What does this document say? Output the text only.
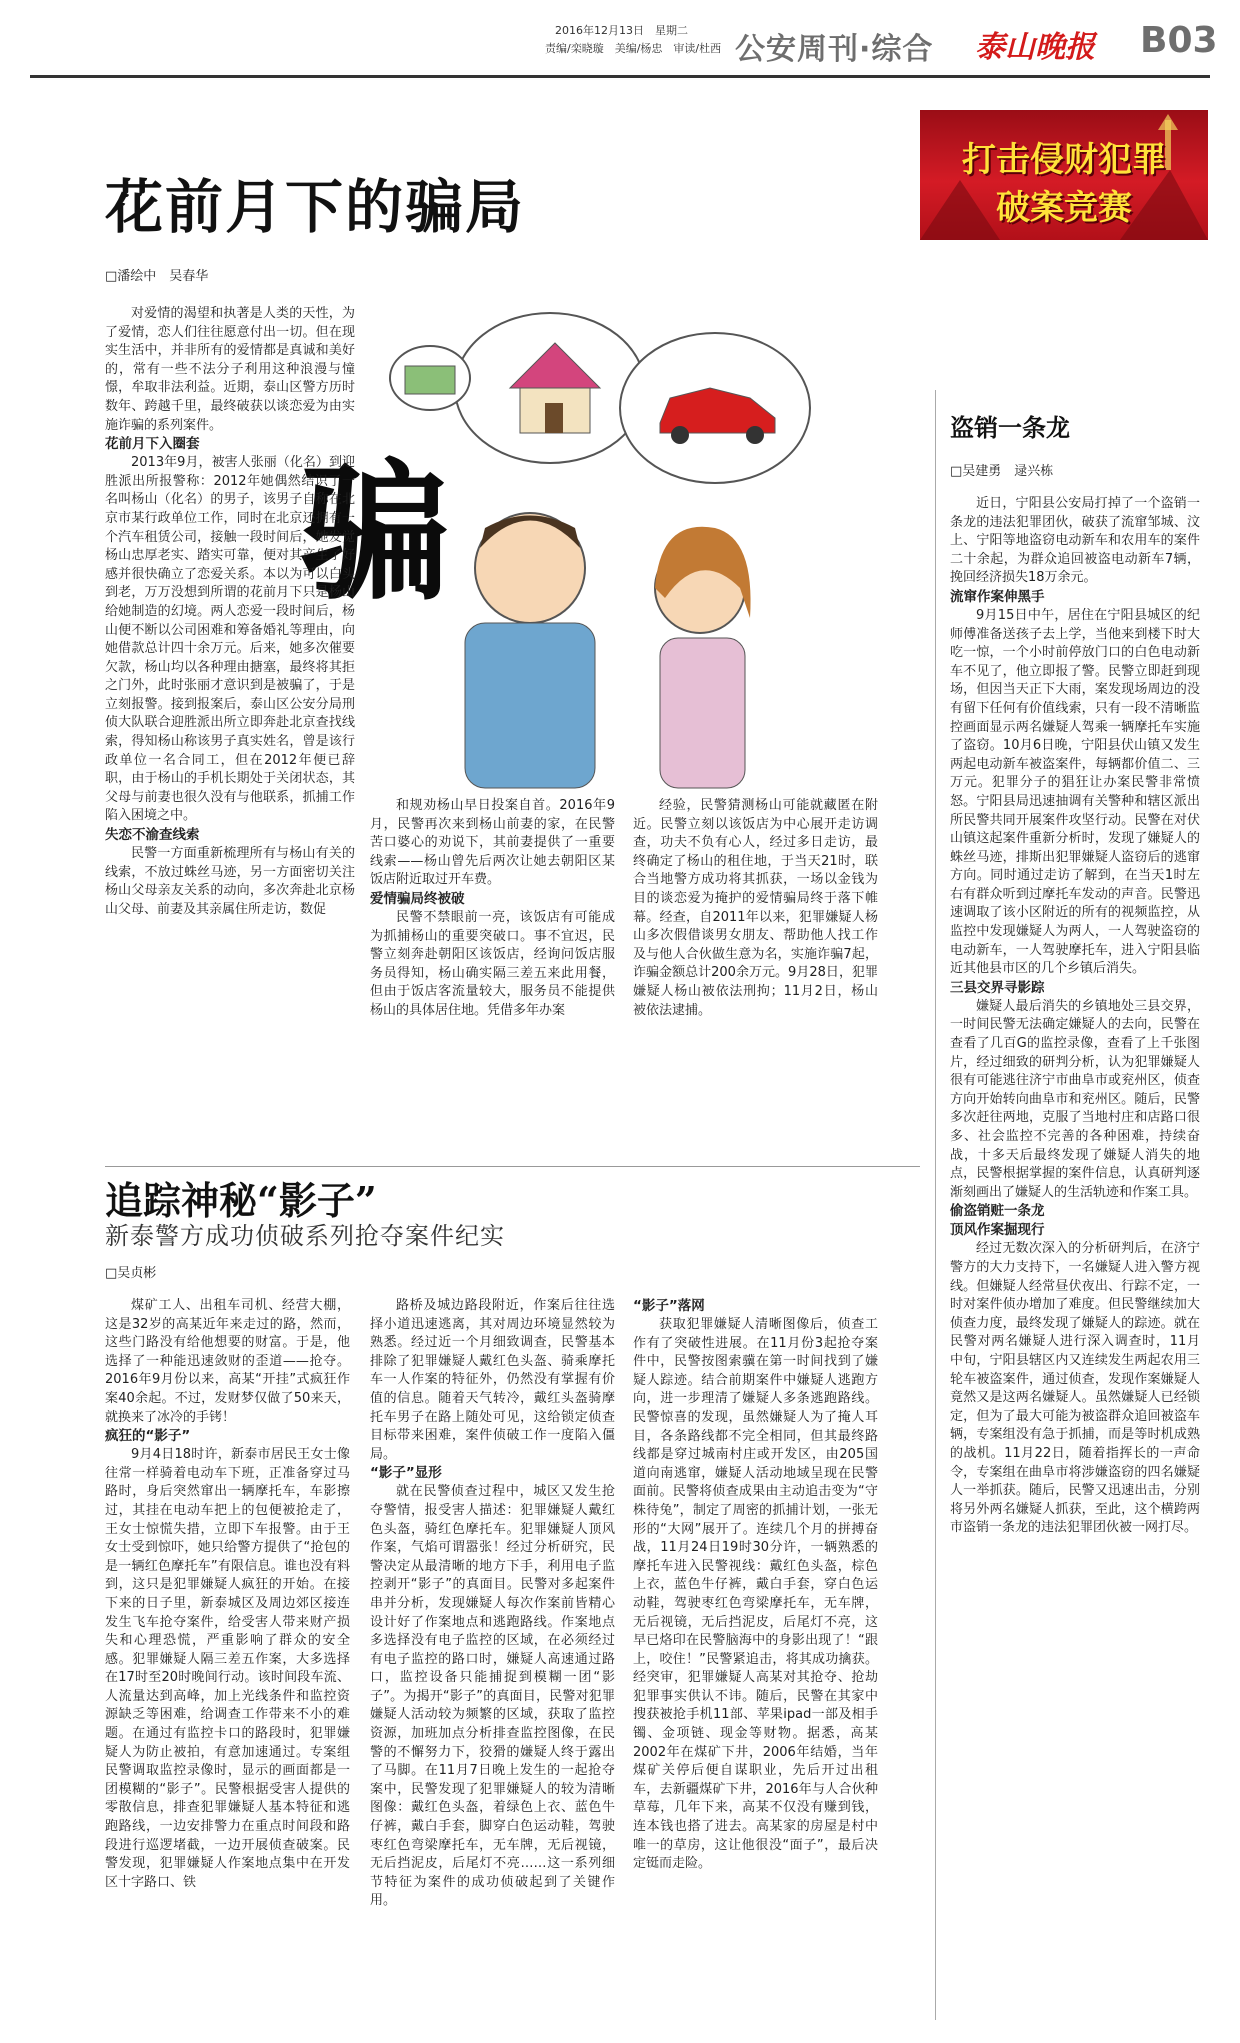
2016年12月13日　星期二
责编/栾晓璇　美编/杨忠　审读/杜西 公安周刊·综合 泰山晚报 B03
打击侵财犯罪
破案竞赛
花前月下的骗局
□潘绘中　吴春华
骗

对爱情的渴望和执著是人类的天性，为了爱情，恋人们往往愿意付出一切。但在现实生活中，并非所有的爱情都是真诚和美好的，常有一些不法分子利用这种浪漫与憧憬，牟取非法利益。近期，泰山区警方历时数年、跨越千里，最终破获以谈恋爱为由实施诈骗的系列案件。

花前月下入圈套

2013年9月，被害人张丽（化名）到迎胜派出所报警称：2012年她偶然结识了一名叫杨山（化名）的男子，该男子自称在北京市某行政单位工作，同时在北京还拥有一个汽车租赁公司，接触一段时间后，她发觉杨山忠厚老实、踏实可靠，便对其产生了好感并很快确立了恋爱关系。本以为可以白头到老，万万没想到所谓的花前月下只是杨山给她制造的幻境。两人恋爱一段时间后，杨山便不断以公司困难和筹备婚礼等理由，向她借款总计四十余万元。后来，她多次催要欠款，杨山均以各种理由搪塞，最终将其拒之门外，此时张丽才意识到是被骗了，于是立刻报警。接到报案后，泰山区公安分局刑侦大队联合迎胜派出所立即奔赴北京查找线索，得知杨山称该男子真实姓名，曾是该行政单位一名合同工，但在2012年便已辞职，由于杨山的手机长期处于关闭状态，其父母与前妻也很久没有与他联系，抓捕工作陷入困境之中。

失恋不渝查线索

民警一方面重新梳理所有与杨山有关的线索，不放过蛛丝马迹，另一方面密切关注杨山父母亲友关系的动向，多次奔赴北京杨山父母、前妻及其亲属住所走访，数促

和规劝杨山早日投案自首。2016年9月，民警再次来到杨山前妻的家，在民警苦口婆心的劝说下，其前妻提供了一重要线索——杨山曾先后两次让她去朝阳区某饭店附近取过开车费。

爱情骗局终被破

民警不禁眼前一亮，该饭店有可能成为抓捕杨山的重要突破口。事不宜迟，民警立刻奔赴朝阳区该饭店，经询问饭店服务员得知，杨山确实隔三差五来此用餐，但由于饭店客流量较大，服务员不能提供杨山的具体居住地。凭借多年办案

经验，民警猜测杨山可能就藏匿在附近。民警立刻以该饭店为中心展开走访调查，功夫不负有心人，经过多日走访，最终确定了杨山的租住地，于当天21时，联合当地警方成功将其抓获，一场以金钱为目的谈恋爱为掩护的爱情骗局终于落下帷幕。经查，自2011年以来，犯罪嫌疑人杨山多次假借谈男女朋友、帮助他人找工作及与他人合伙做生意为名，实施诈骗7起，诈骗金额总计200余万元。9月28日，犯罪嫌疑人杨山被依法刑拘；11月2日，杨山被依法逮捕。

追踪神秘“影子”
新泰警方成功侦破系列抢夺案件纪实
□吴贞彬

煤矿工人、出租车司机、经营大棚，这是32岁的高某近年来走过的路，然而，这些门路没有给他想要的财富。于是，他选择了一种能迅速敛财的歪道——抢夺。2016年9月份以来，高某“开挂”式疯狂作案40余起。不过，发财梦仅做了50来天，就换来了冰冷的手铐！

疯狂的“影子”

9月4日18时许，新泰市居民王女士像往常一样骑着电动车下班，正准备穿过马路时，身后突然窜出一辆摩托车，车影擦过，其挂在电动车把上的包便被抢走了，王女士惊慌失措，立即下车报警。由于王女士受到惊吓，她只给警方提供了“抢包的是一辆红色摩托车”有限信息。谁也没有料到，这只是犯罪嫌疑人疯狂的开始。在接下来的日子里，新泰城区及周边郊区接连发生飞车抢夺案件，给受害人带来财产损失和心理恐慌，严重影响了群众的安全感。犯罪嫌疑人隔三差五作案，大多选择在17时至20时晚间行动。该时间段车流、人流量达到高峰，加上光线条件和监控资源缺乏等困难，给调查工作带来不小的难题。在通过有监控卡口的路段时，犯罪嫌疑人为防止被拍，有意加速通过。专案组民警调取监控录像时，显示的画面都是一团模糊的“影子”。民警根据受害人提供的零散信息，排查犯罪嫌疑人基本特征和逃跑路线，一边安排警力在重点时间段和路段进行巡逻堵截，一边开展侦查破案。民警发现，犯罪嫌疑人作案地点集中在开发区十字路口、铁

路桥及城边路段附近，作案后往往选择小道迅速逃离，其对周边环境显然较为熟悉。经过近一个月细致调查，民警基本排除了犯罪嫌疑人戴红色头盔、骑乘摩托车一人作案的特征外，仍然没有掌握有价值的信息。随着天气转冷，戴红头盔骑摩托车男子在路上随处可见，这给锁定侦查目标带来困难，案件侦破工作一度陷入僵局。

“影子”显形

就在民警侦查过程中，城区又发生抢夺警情，报受害人描述：犯罪嫌疑人戴红色头盔，骑红色摩托车。犯罪嫌疑人顶风作案，气焰可谓嚣张！经过分析研究，民警决定从最清晰的地方下手，利用电子监控剥开“影子”的真面目。民警对多起案件串并分析，发现嫌疑人每次作案前皆精心设计好了作案地点和逃跑路线。作案地点多选择没有电子监控的区域，在必须经过有电子监控的路口时，嫌疑人高速通过路口，监控设备只能捕捉到模糊一团“影子”。为揭开“影子”的真面目，民警对犯罪嫌疑人活动较为频繁的区域，获取了监控资源，加班加点分析排查监控图像，在民警的不懈努力下，狡猾的嫌疑人终于露出了马脚。在11月7日晚上发生的一起抢夺案中，民警发现了犯罪嫌疑人的较为清晰图像：戴红色头盔，着绿色上衣、蓝色牛仔裤，戴白手套，脚穿白色运动鞋，驾驶枣红色弯梁摩托车，无车牌，无后视镜，无后挡泥皮，后尾灯不亮……这一系列细节特征为案件的成功侦破起到了关键作用。

“影子”落网

获取犯罪嫌疑人清晰图像后，侦查工作有了突破性进展。在11月份3起抢夺案件中，民警按图索骥在第一时间找到了嫌疑人踪迹。结合前期案件中嫌疑人逃跑方向，进一步理清了嫌疑人多条逃跑路线。民警惊喜的发现，虽然嫌疑人为了掩人耳目，各条路线都不完全相同，但其最终路线都是穿过城南村庄或开发区，由205国道向南逃窜，嫌疑人活动地域呈现在民警面前。民警将侦查成果由主动追击变为“守株待兔”，制定了周密的抓捕计划，一张无形的“大网”展开了。连续几个月的拼搏奋战，11月24日19时30分许，一辆熟悉的摩托车进入民警视线：戴红色头盔，棕色上衣，蓝色牛仔裤，戴白手套，穿白色运动鞋，驾驶枣红色弯梁摩托车，无车牌，无后视镜，无后挡泥皮，后尾灯不亮，这早已烙印在民警脑海中的身影出现了！“跟上，咬住！”民警紧追击，将其成功擒获。经突审，犯罪嫌疑人高某对其抢夺、抢劫犯罪事实供认不讳。随后，民警在其家中搜获被抢手机11部、苹果ipad一部及相手镯、金项链、现金等财物。据悉，高某2002年在煤矿下井，2006年结婚，当年煤矿关停后便自谋职业，先后开过出租车，去新疆煤矿下井，2016年与人合伙种草莓，几年下来，高某不仅没有赚到钱，连本钱也搭了进去。高某家的房屋是村中唯一的草房，这让他很没“面子”，最后决定铤而走险。

盗销一条龙
□吴建勇　逯兴栋

近日，宁阳县公安局打掉了一个盗销一条龙的违法犯罪团伙，破获了流窜邹城、汶上、宁阳等地盗窃电动新车和农用车的案件二十余起，为群众追回被盗电动新车7辆，挽回经济损失18万余元。

流窜作案伸黑手

9月15日中午，居住在宁阳县城区的纪师傅准备送孩子去上学，当他来到楼下时大吃一惊，一个小时前停放门口的白色电动新车不见了，他立即报了警。民警立即赶到现场，但因当天正下大雨，案发现场周边的没有留下任何有价值线索，只有一段不清晰监控画面显示两名嫌疑人驾乘一辆摩托车实施了盗窃。10月6日晚，宁阳县伏山镇又发生两起电动新车被盗案件，每辆都价值二、三万元。犯罪分子的猖狂让办案民警非常愤怒。宁阳县局迅速抽调有关警种和辖区派出所民警共同开展案件攻坚行动。民警在对伏山镇这起案件重新分析时，发现了嫌疑人的蛛丝马迹，排斯出犯罪嫌疑人盗窃后的逃窜方向。同时通过走访了解到，在当天1时左右有群众听到过摩托车发动的声音。民警迅速调取了该小区附近的所有的视频监控，从监控中发现嫌疑人为两人，一人驾驶盗窃的电动新车，一人驾驶摩托车，进入宁阳县临近其他县市区的几个乡镇后消失。

三县交界寻影踪

嫌疑人最后消失的乡镇地处三县交界，一时间民警无法确定嫌疑人的去向，民警在查看了几百G的监控录像，查看了上千张图片，经过细致的研判分析，认为犯罪嫌疑人很有可能逃往济宁市曲阜市或兖州区，侦查方向开始转向曲阜市和兖州区。随后，民警多次赶往两地，克服了当地村庄和店路口很多、社会监控不完善的各种困难，持续奋战，十多天后最终发现了嫌疑人消失的地点，民警根据掌握的案件信息，认真研判逐渐刻画出了嫌疑人的生活轨迹和作案工具。

偷盗销赃一条龙

顶风作案掘现行

经过无数次深入的分析研判后，在济宁警方的大力支持下，一名嫌疑人进入警方视线。但嫌疑人经常昼伏夜出、行踪不定，一时对案件侦办增加了难度。但民警继续加大侦查力度，最终发现了嫌疑人的踪迹。就在民警对两名嫌疑人进行深入调查时，11月中旬，宁阳县辖区内又连续发生两起农用三轮车被盗案件，通过侦查，发现作案嫌疑人竟然又是这两名嫌疑人。虽然嫌疑人已经锁定，但为了最大可能为被盗群众追回被盗车辆，专案组没有急于抓捕，而是等时机成熟的战机。11月22日，随着指挥长的一声命令，专案组在曲阜市将涉嫌盗窃的四名嫌疑人一举抓获。随后，民警又迅速出击，分别将另外两名嫌疑人抓获，至此，这个横跨两市盗销一条龙的违法犯罪团伙被一网打尽。
